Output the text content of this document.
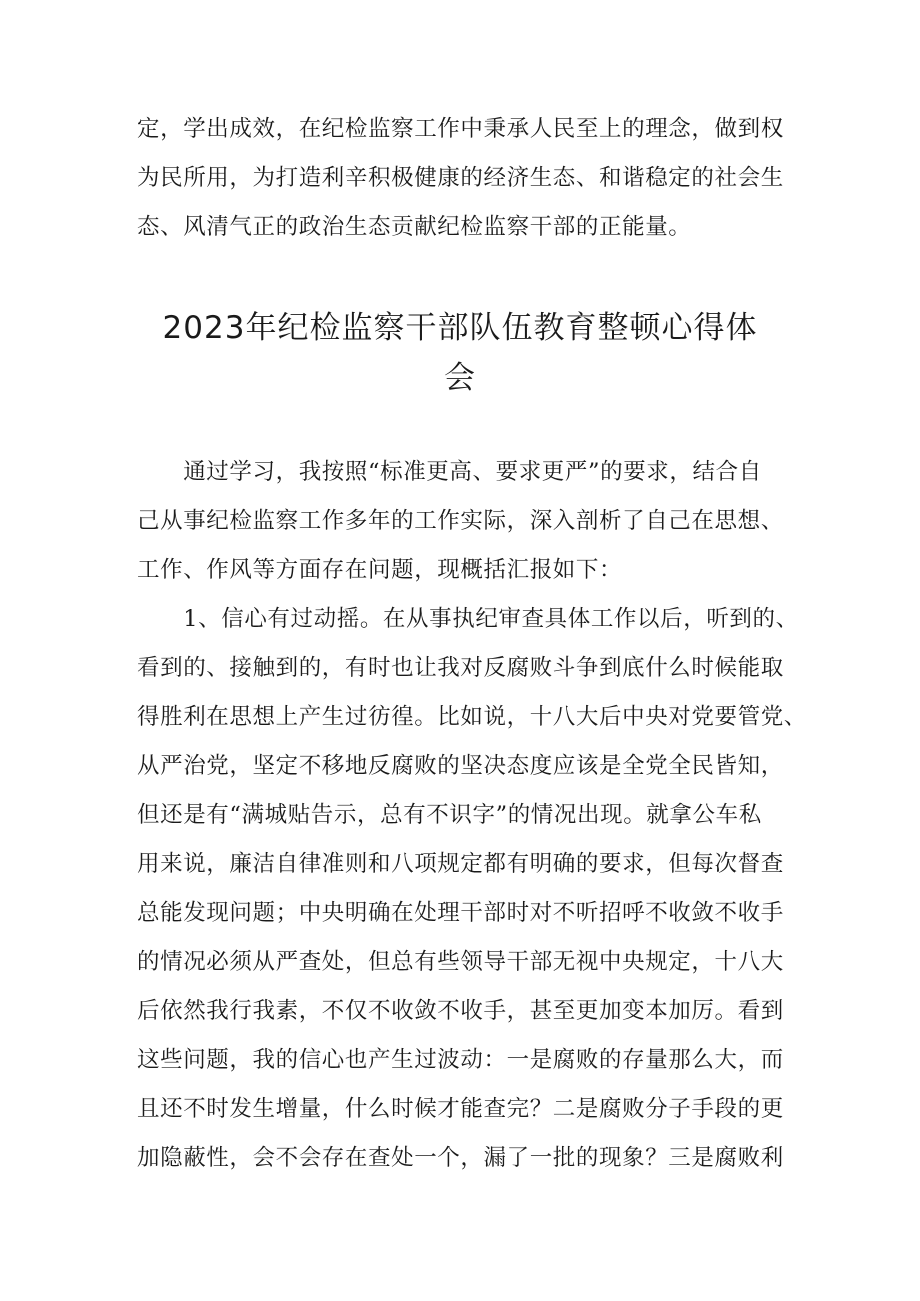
定，学出成效，在纪检监察工作中秉承人民至上的理念，做到权
为民所用，为打造利辛积极健康的经济生态、和谐稳定的社会生
态、风清气正的政治生态贡献纪检监察干部的正能量。
2023年纪检监察干部队伍教育整顿心得体
会
　　通过学习，我按照“标准更高、要求更严”的要求，结合自
己从事纪检监察工作多年的工作实际，深入剖析了自己在思想、
工作、作风等方面存在问题，现概括汇报如下：
　　1、信心有过动摇。在从事执纪审查具体工作以后，听到的、
看到的、接触到的，有时也让我对反腐败斗争到底什么时候能取
得胜利在思想上产生过彷徨。比如说，十八大后中央对党要管党、
从严治党，坚定不移地反腐败的坚决态度应该是全党全民皆知，
但还是有“满城贴告示，总有不识字”的情况出现。就拿公车私
用来说，廉洁自律准则和八项规定都有明确的要求，但每次督查
总能发现问题；中央明确在处理干部时对不听招呼不收敛不收手
的情况必须从严查处，但总有些领导干部无视中央规定，十八大
后依然我行我素，不仅不收敛不收手，甚至更加变本加厉。看到
这些问题，我的信心也产生过波动：一是腐败的存量那么大，而
且还不时发生增量，什么时候才能查完？二是腐败分子手段的更
加隐蔽性，会不会存在查处一个，漏了一批的现象？三是腐败利
